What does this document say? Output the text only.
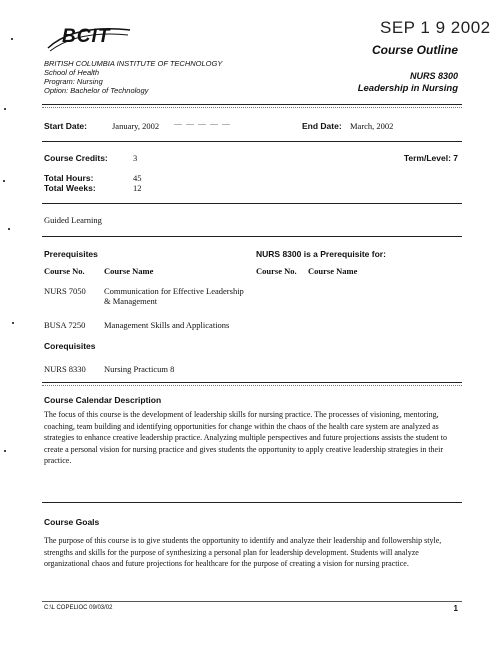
SEP 1 9 2002
BCIT
BRITISH COLUMBIA INSTITUTE OF TECHNOLOGY
School of Health
Program: Nursing
Option: Bachelor of Technology
Course Outline
NURS 8300
Leadership in Nursing
Start Date:	January, 2002 — — — — —	End Date: March, 2002
Course Credits:	3	Term/Level: 7
Total Hours:	45
Total Weeks:	12
Guided Learning
Prerequisites	NURS 8300 is a Prerequisite for:
Course No. Course Name	Course No. Course Name
NURS 7050 Communication for Effective Leadership
& Management
BUSA 7250 Management Skills and Applications
Corequisites
NURS 8330 Nursing Practicum 8
Course Calendar Description
The focus of this course is the development of leadership skills for nursing practice. The processes of visioning, mentoring, coaching, team building and identifying opportunities for change within the chaos of the health care system are analyzed as strategies to enhance creative leadership practice. Analyzing multiple perspectives and future projections assists the student to create a personal vision for nursing practice and gives students the opportunity to apply creative leadership strategies in their practice.
Course Goals
The purpose of this course is to give students the opportunity to identify and analyze their leadership and followership style, strengths and skills for the purpose of synthesizing a personal plan for leadership development. Students will analyze organizational chaos and future projections for healthcare for the purpose of creating a vision for nursing practice.
C:\L COPELIOC 09/03/02	1
